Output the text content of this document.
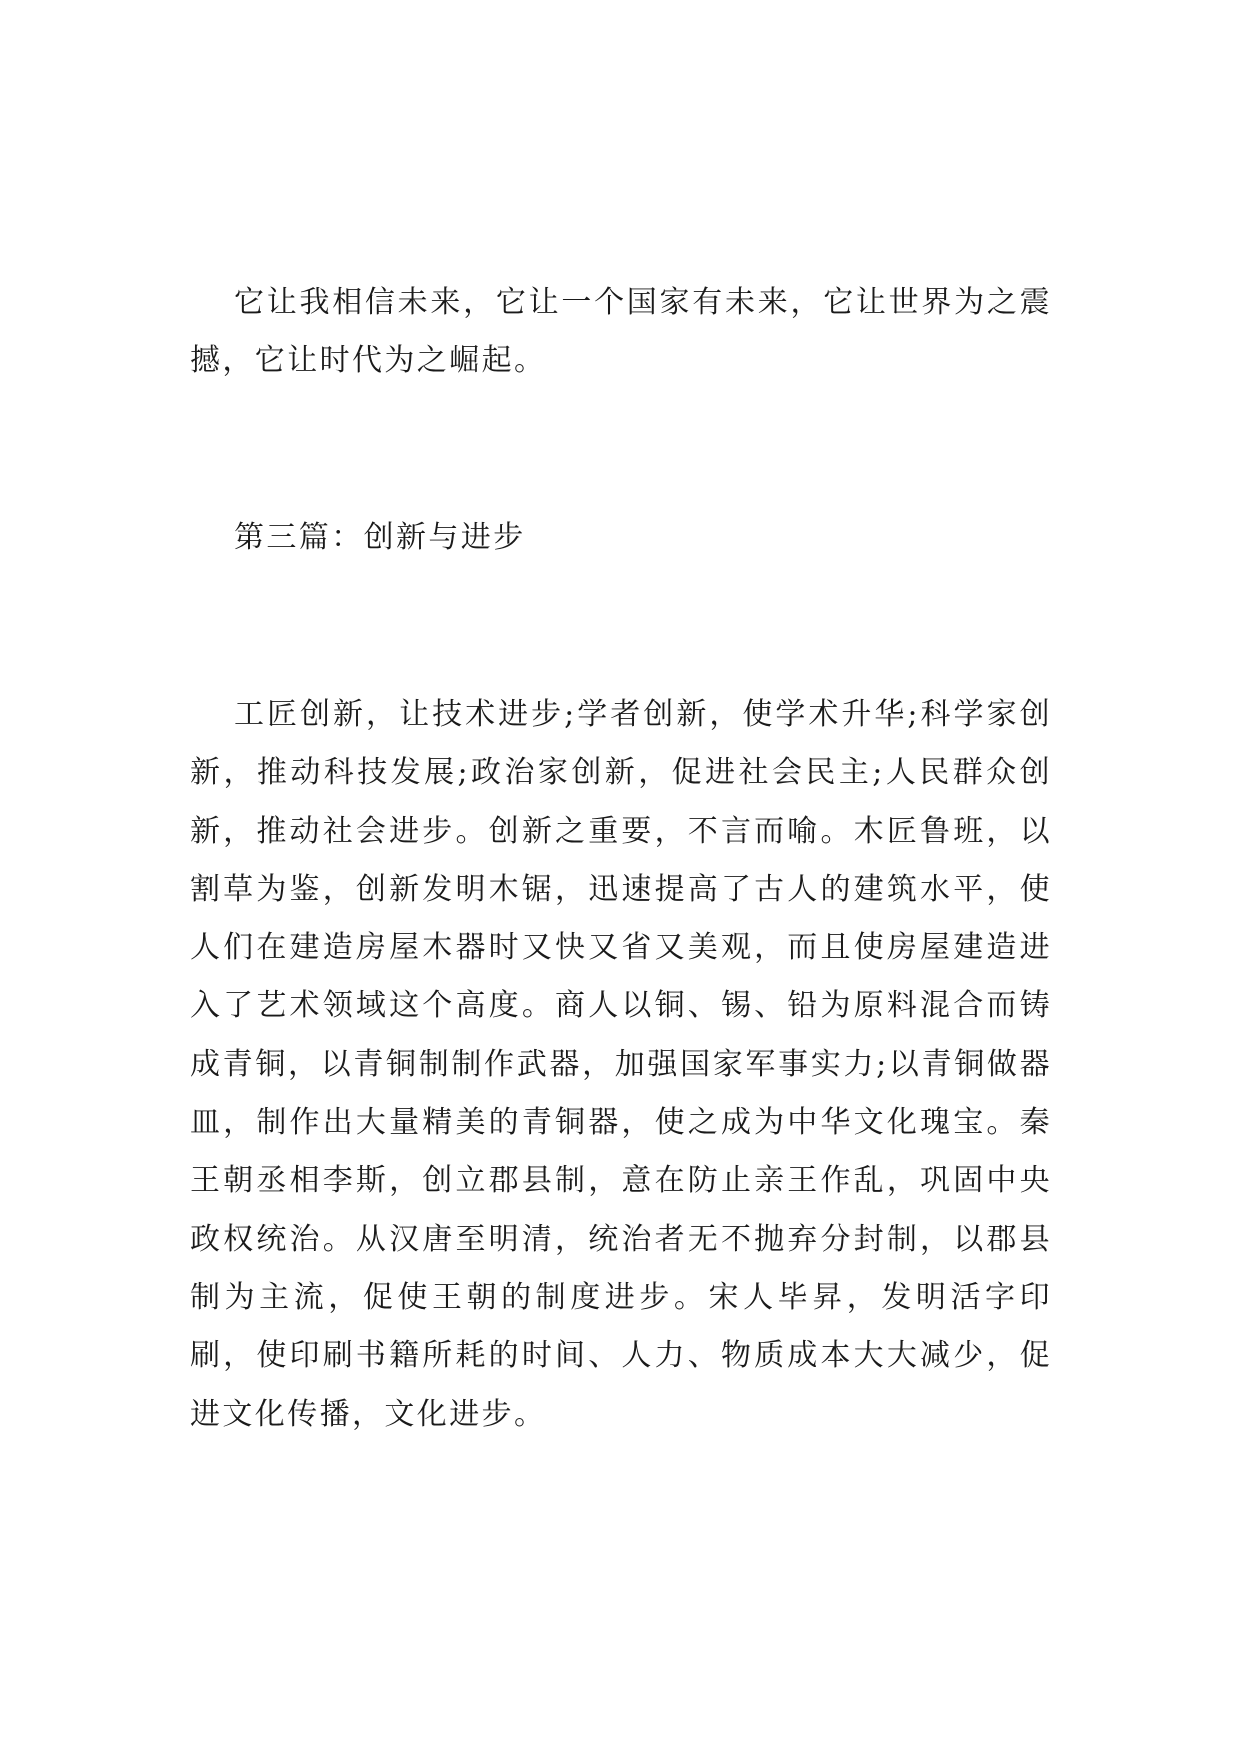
它让我相信未来，它让一个国家有未来，它让世界为之震撼，它让时代为之崛起。

第三篇：创新与进步

工匠创新，让技术进步;学者创新，使学术升华;科学家创新，推动科技发展;政治家创新，促进社会民主;人民群众创新，推动社会进步。创新之重要，不言而喻。木匠鲁班，以割草为鉴，创新发明木锯，迅速提高了古人的建筑水平，使人们在建造房屋木器时又快又省又美观，而且使房屋建造进入了艺术领域这个高度。商人以铜、锡、铅为原料混合而铸成青铜，以青铜制制作武器，加强国家军事实力;以青铜做器皿，制作出大量精美的青铜器，使之成为中华文化瑰宝。秦王朝丞相李斯，创立郡县制，意在防止亲王作乱，巩固中央政权统治。从汉唐至明清，统治者无不抛弃分封制，以郡县制为主流，促使王朝的制度进步。宋人毕昇，发明活字印刷，使印刷书籍所耗的时间、人力、物质成本大大减少，促进文化传播，文化进步。
